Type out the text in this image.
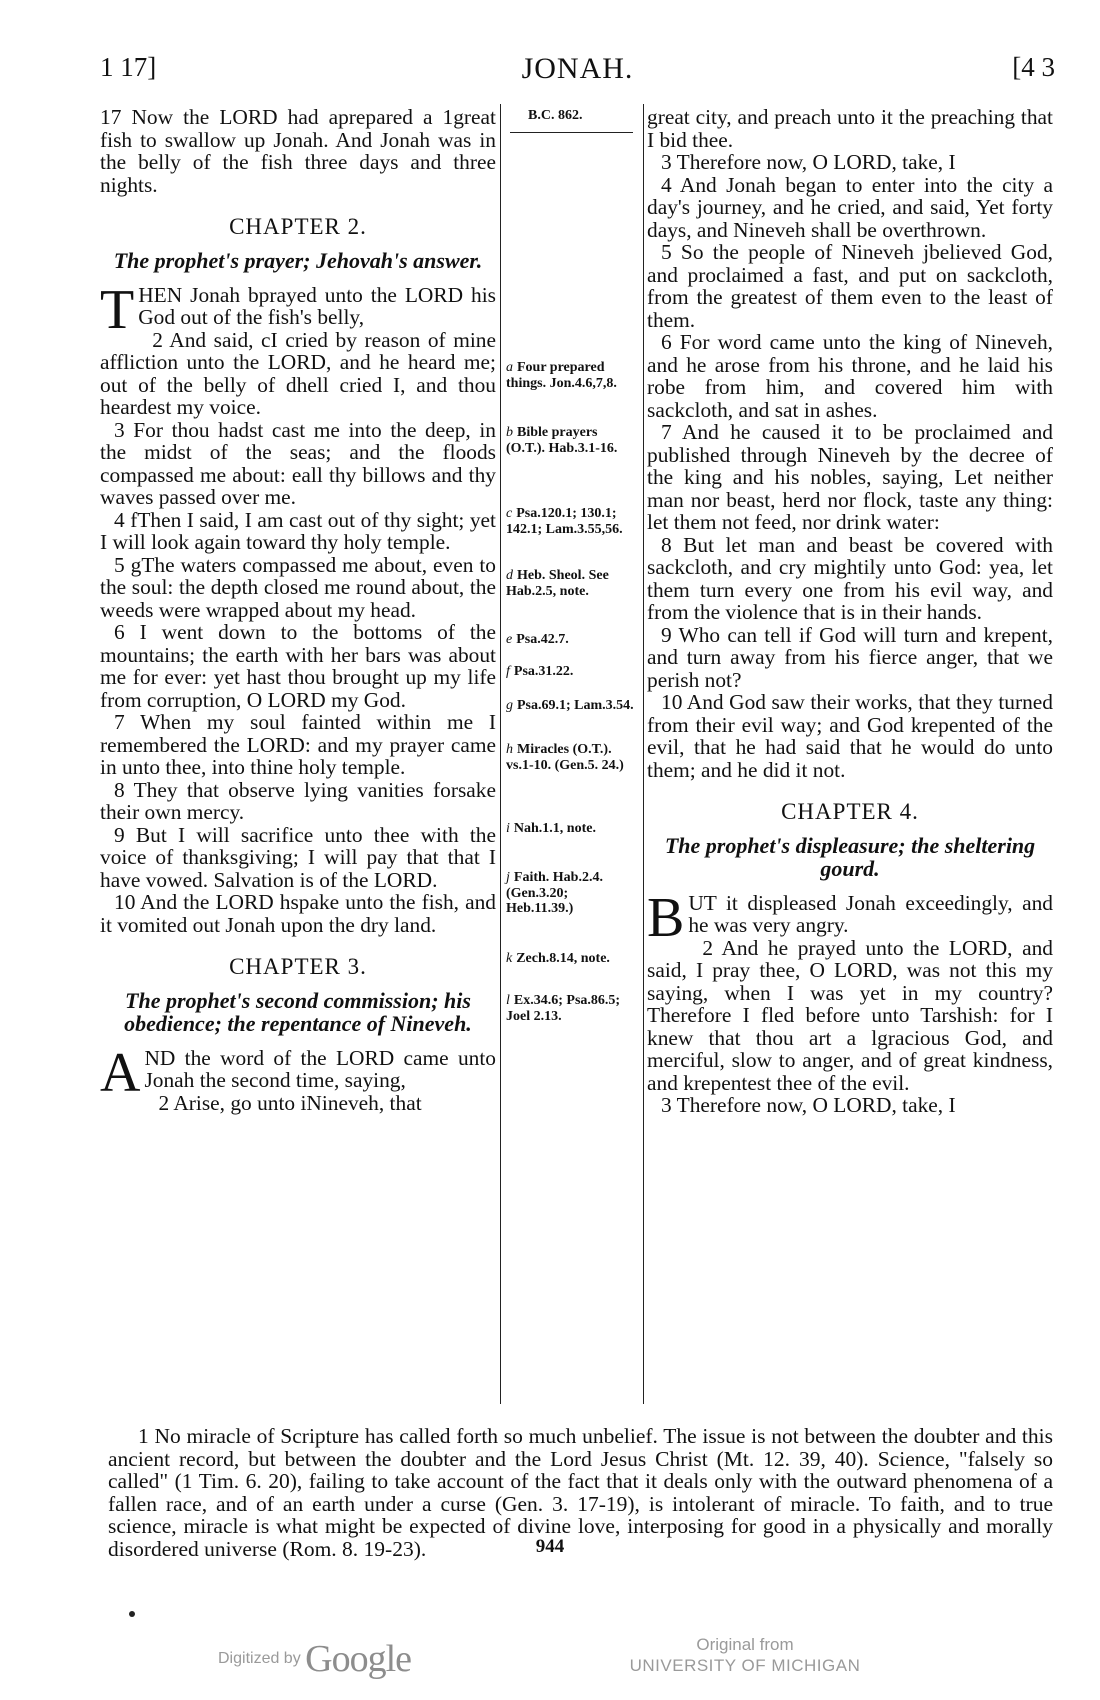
1 17]	JONAH.	[4 3

17 Now the LORD had aprepared a 1great fish to swallow up Jonah. And Jonah was in the belly of the fish three days and three nights.

CHAPTER 2.
The prophet's prayer; Jehovah's answer.

THEN Jonah bprayed unto the LORD his God out of the fish's belly,

2 And said, cI cried by reason of mine affliction unto the LORD, and he heard me; out of the belly of dhell cried I, and thou heardest my voice.

3 For thou hadst cast me into the deep, in the midst of the seas; and the floods compassed me about: eall thy billows and thy waves passed over me.

4 fThen I said, I am cast out of thy sight; yet I will look again toward thy holy temple.

5 gThe waters compassed me about, even to the soul: the depth closed me round about, the weeds were wrapped about my head.

6 I went down to the bottoms of the mountains; the earth with her bars was about me for ever: yet hast thou brought up my life from corruption, O LORD my God.

7 When my soul fainted within me I remembered the LORD: and my prayer came in unto thee, into thine holy temple.

8 They that observe lying vanities forsake their own mercy.

9 But I will sacrifice unto thee with the voice of thanksgiving; I will pay that that I have vowed. Salvation is of the LORD.

10 And the LORD hspake unto the fish, and it vomited out Jonah upon the dry land.

CHAPTER 3.
The prophet's second commission; his obedience; the repentance of Nineveh.

AND the word of the LORD came unto Jonah the second time, saying,

2 Arise, go unto iNineveh, that

B.C. 862.
a Four prepared things. Jon.4.6,7,8.
b Bible prayers (O.T.). Hab.3.1-16.
c Psa.120.1; 130.1; 142.1; Lam.3.55,56.
d Heb. Sheol. See Hab.2.5, note.
e Psa.42.7.
f Psa.31.22.
g Psa.69.1; Lam.3.54.
h Miracles (O.T.). vs.1-10. (Gen.5. 24.)
i Nah.1.1, note.
j Faith. Hab.2.4. (Gen.3.20; Heb.11.39.)
k Zech.8.14, note.
l Ex.34.6; Psa.86.5; Joel 2.13.

great city, and preach unto it the preaching that I bid thee.

3 Therefore now, O LORD, take, I

4 And Jonah began to enter into the city a day's journey, and he cried, and said, Yet forty days, and Nineveh shall be overthrown.

5 So the people of Nineveh jbelieved God, and proclaimed a fast, and put on sackcloth, from the greatest of them even to the least of them.

6 For word came unto the king of Nineveh, and he arose from his throne, and he laid his robe from him, and covered him with sackcloth, and sat in ashes.

7 And he caused it to be proclaimed and published through Nineveh by the decree of the king and his nobles, saying, Let neither man nor beast, herd nor flock, taste any thing: let them not feed, nor drink water:

8 But let man and beast be covered with sackcloth, and cry mightily unto God: yea, let them turn every one from his evil way, and from the violence that is in their hands.

9 Who can tell if God will turn and krepent, and turn away from his fierce anger, that we perish not?

10 And God saw their works, that they turned from their evil way; and God krepented of the evil, that he had said that he would do unto them; and he did it not.

CHAPTER 4.
The prophet's displeasure; the sheltering gourd.

BUT it displeased Jonah exceedingly, and he was very angry.

2 And he prayed unto the LORD, and said, I pray thee, O LORD, was not this my saying, when I was yet in my country? Therefore I fled before unto Tarshish: for I knew that thou art a lgracious God, and merciful, slow to anger, and of great kindness, and krepentest thee of the evil.

3 Therefore now, O LORD, take, I

1 No miracle of Scripture has called forth so much unbelief. The issue is not between the doubter and this ancient record, but between the doubter and the Lord Jesus Christ (Mt. 12. 39, 40). Science, "falsely so called" (1 Tim. 6. 20), failing to take account of the fact that it deals only with the outward phenomena of a fallen race, and of an earth under a curse (Gen. 3. 17-19), is intolerant of miracle. To faith, and to true science, miracle is what might be expected of divine love, interposing for good in a physically and morally disordered universe (Rom. 8. 19-23).	944
Digitized by Google	Original from
UNIVERSITY OF MICHIGAN
